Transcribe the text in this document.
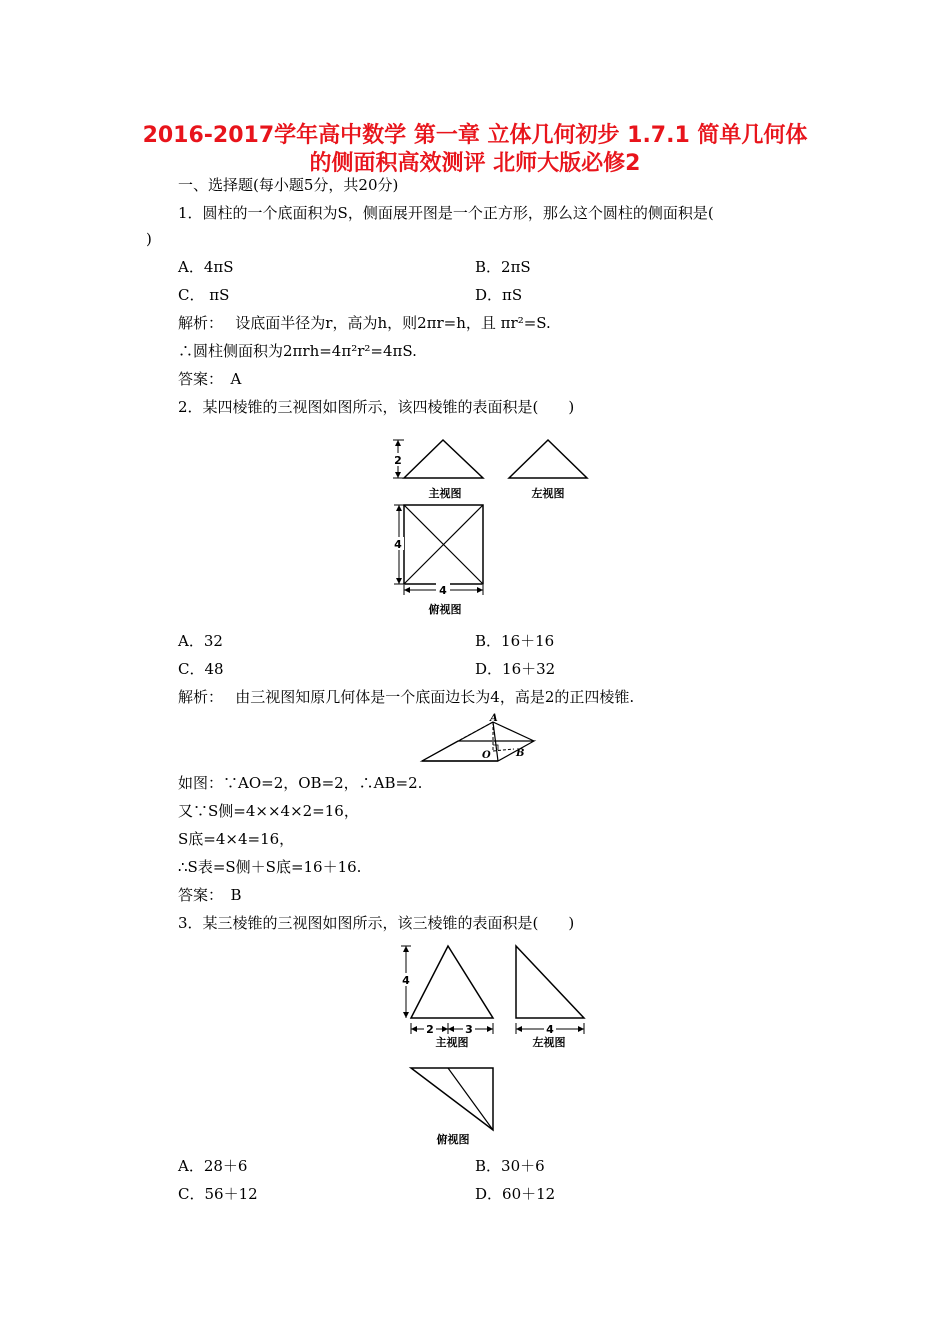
2016-2017学年高中数学 第一章 立体几何初步 1.7.1 简单几何体
的侧面积高效测评 北师大版必修2
一、选择题(每小题5分，共20分)
1．圆柱的一个底面积为S，侧面展开图是一个正方形，那么这个圆柱的侧面积是(
)
A．4πS	B．2πS
C． πS	D．πS
解析：　 设底面半径为r，高为h，则2πr=h，且 πr²=S.
∴圆柱侧面积为2πrh=4π²r²=4πS.
答案：　A
2．某四棱锥的三视图如图所示，该四棱锥的表面积是(　　)
2
主视图	左视图
4
4
俯视图
A．32	B．16＋16
C．48	D．16＋32
解析：　 由三视图知原几何体是一个底面边长为4，高是2的正四棱锥.
A
O	B
如图：∵AO=2，OB=2，∴AB=2.
又∵S侧=4××4×2=16，
S底=4×4=16，
∴S表=S侧＋S底=16＋16.
答案：　B
3．某三棱锥的三视图如图所示，该三棱锥的表面积是(　　)
4
2	3
主视图
4
左视图
俯视图
A．28＋6	B．30＋6
C．56＋12	D．60＋12
